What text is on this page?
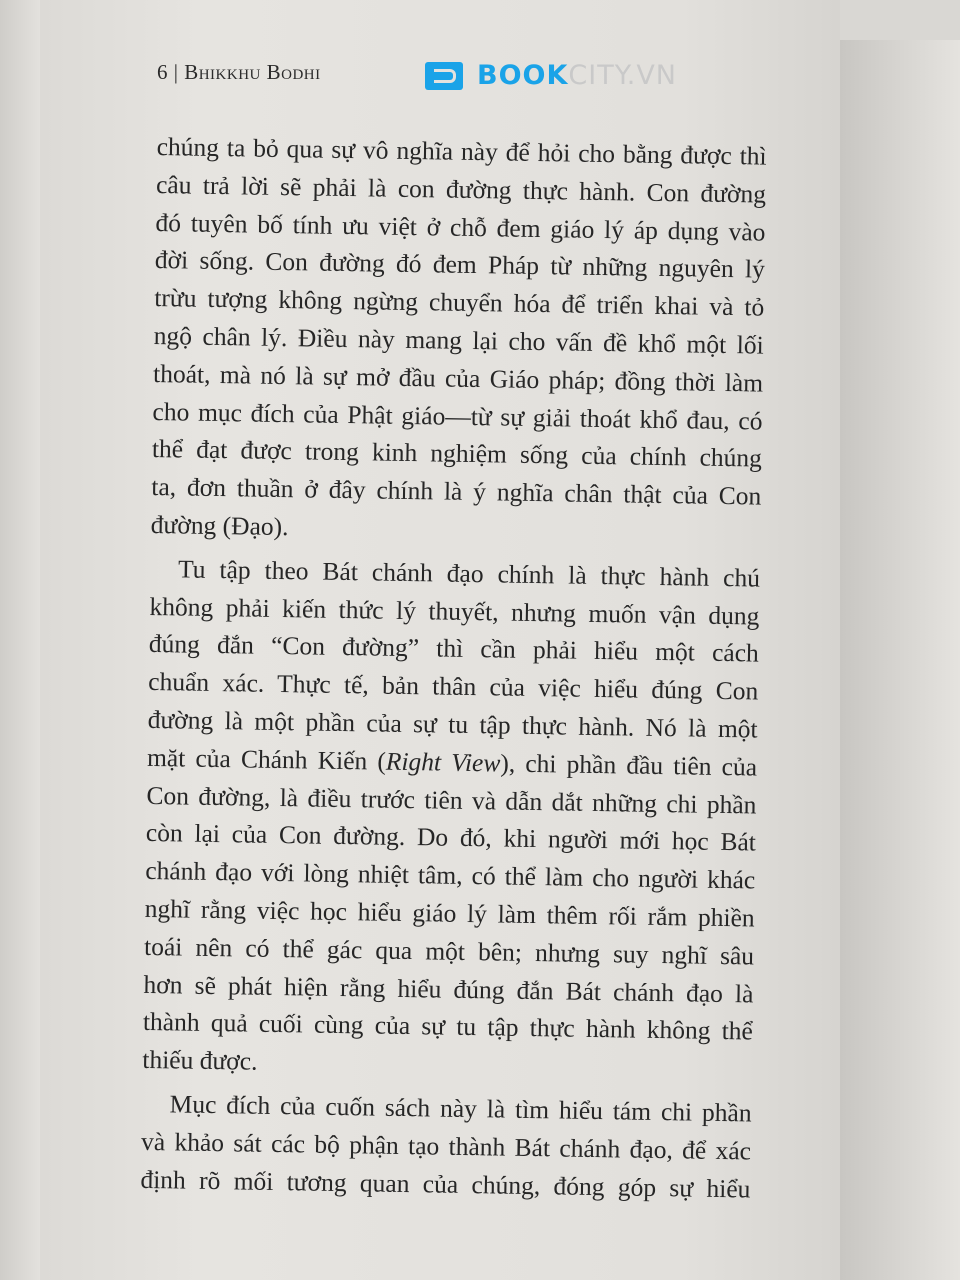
6 | Bhikkhu Bodhi	BOOKCITY.VN
chúng ta bỏ qua sự vô nghĩa này để hỏi cho bằng được thì
câu trả lời sẽ phải là con đường thực hành. Con đường
đó tuyên bố tính ưu việt ở chỗ đem giáo lý áp dụng vào
đời sống. Con đường đó đem Pháp từ những nguyên lý
trừu tượng không ngừng chuyển hóa để triển khai và tỏ
ngộ chân lý. Điều này mang lại cho vấn đề khổ một lối
thoát, mà nó là sự mở đầu của Giáo pháp; đồng thời làm
cho mục đích của Phật giáo—từ sự giải thoát khổ đau, có
thể đạt được trong kinh nghiệm sống của chính chúng
ta, đơn thuần ở đây chính là ý nghĩa chân thật của Con
đường (Đạo).
Tu tập theo Bát chánh đạo chính là thực hành chú
không phải kiến thức lý thuyết, nhưng muốn vận dụng
đúng đắn “Con đường” thì cần phải hiểu một cách
chuẩn xác. Thực tế, bản thân của việc hiểu đúng Con
đường là một phần của sự tu tập thực hành. Nó là một
mặt của Chánh Kiến (Right View), chi phần đầu tiên của
Con đường, là điều trước tiên và dẫn dắt những chi phần
còn lại của Con đường. Do đó, khi người mới học Bát
chánh đạo với lòng nhiệt tâm, có thể làm cho người khác
nghĩ rằng việc học hiểu giáo lý làm thêm rối rắm phiền
toái nên có thể gác qua một bên; nhưng suy nghĩ sâu
hơn sẽ phát hiện rằng hiểu đúng đắn Bát chánh đạo là
thành quả cuối cùng của sự tu tập thực hành không thể
thiếu được.
Mục đích của cuốn sách này là tìm hiểu tám chi phần
và khảo sát các bộ phận tạo thành Bát chánh đạo, để xác
định rõ mối tương quan của chúng, đóng góp sự hiểu
